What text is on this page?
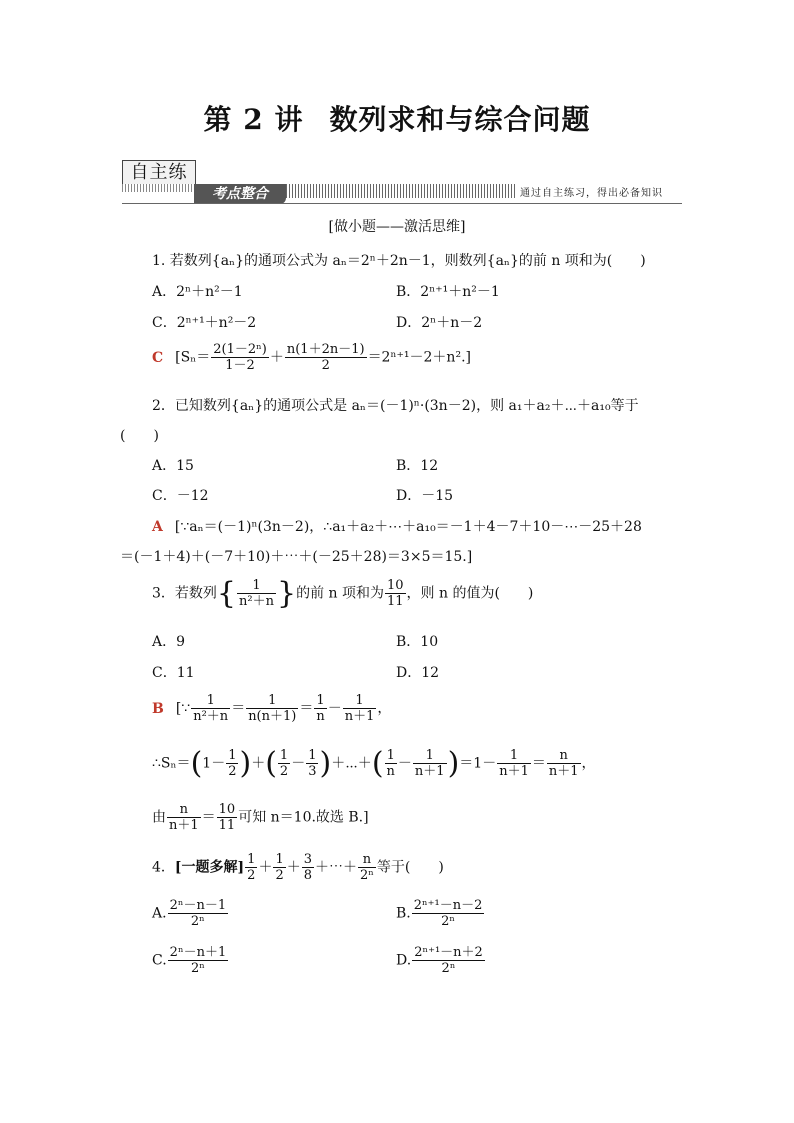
第 2 讲 数列求和与综合问题
自主练
考点整合	通过自主练习，得出必备知识
[做小题——激活思维]
1. 若数列{aₙ}的通项公式为 aₙ＝2ⁿ＋2n－1，则数列{aₙ}的前 n 项和为(　　)
A．2ⁿ＋n²－1	B．2ⁿ⁺¹＋n²－1
C．2ⁿ⁺¹＋n²－2	D．2ⁿ＋n－2
C $[S_n= \frac{\text{2(1－2ⁿ)}}{1-2} + \frac{n(1+2n-1)}{2} =2^{n+1}-2+n^2.]$
2．已知数列{aₙ}的通项公式是 aₙ＝(－1)ⁿ·(3n－2)，则 a₁＋a₂＋⋯＋a₁₀等于
(　　)
A．15	B．12
C．－12	D．－15
A [∵aₙ＝(－1)ⁿ(3n－2)，∴a₁＋a₂＋⋯＋a₁₀＝－1＋4－7＋10－⋯－25＋28
＝(－1＋4)＋(－7＋10)＋⋯＋(－25＋28)＝3×5＝15.]
3．若数列{ $\frac{1}{\text{n²＋n}}$ }的前 n 项和为 $\frac{10}{11}$ ，则 n 的值为(　　)
A．9	B．10
C．11	D．12
B [∵ $\frac{1}{\text{n²＋n}} = \frac{1}{n(n+1)} = \frac{1}{n} - \frac{1}{n+1}$ ，
∴Sₙ＝(1－ $\frac{1}{2}$ )＋( $\frac{1}{2} - \frac{1}{3}$ )＋⋯＋( $\frac{1}{n} - \frac{1}{n+1} )=1- \frac{1}{n+1} = \frac{n}{n+1}$ ，
由 $\frac{n}{n+1} = \frac{10}{11}$ 可知 n＝10.故选 B.]
4．[一题多解] $\frac{1}{2} + \frac{1}{2} + \frac{3}{8}$ ＋⋯＋ $\frac{n}{\text{2ⁿ}}$ 等于(　　)
A. $\frac{\text{2ⁿ－n－1}}{\text{2ⁿ}}$	B. $\frac{\text{2ⁿ⁺¹－n－2}}{\text{2ⁿ}}$
C. $\frac{\text{2ⁿ－n＋1}}{\text{2ⁿ}}$	D. $\frac{\text{2ⁿ⁺¹－n＋2}}{\text{2ⁿ}}$
